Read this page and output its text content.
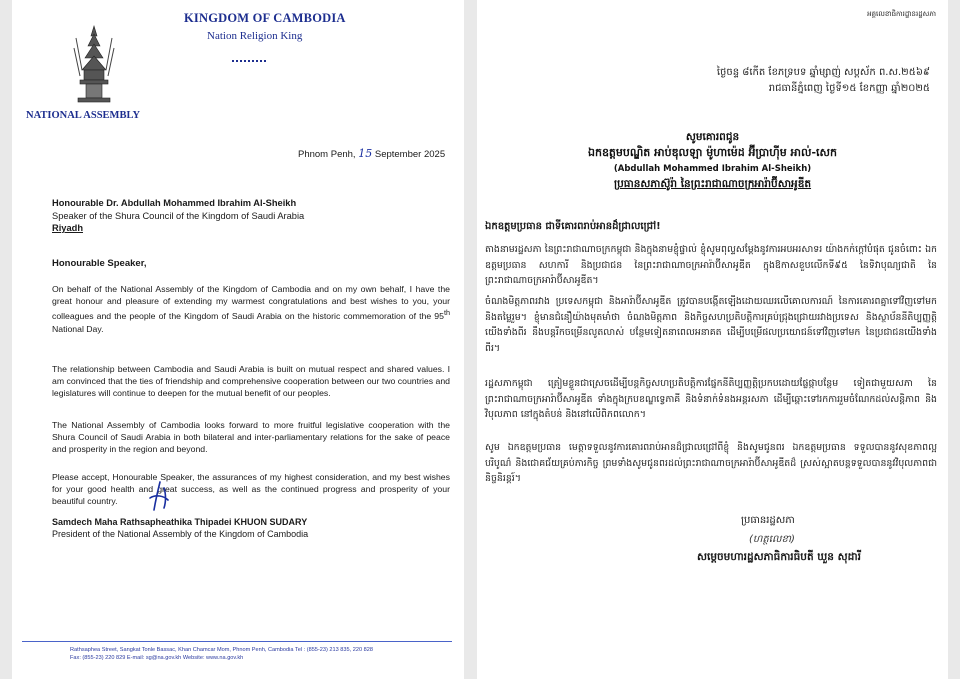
KINGDOM OF CAMBODIA
Nation Religion King
NATIONAL ASSEMBLY
Phnom Penh, 15 September 2025
Honourable Dr. Abdullah Mohammed Ibrahim Al-Sheikh
Speaker of the Shura Council of the Kingdom of Saudi Arabia
Riyadh
Honourable Speaker,
On behalf of the National Assembly of the Kingdom of Cambodia and on my own behalf, I have the great honour and pleasure of extending my warmest congratulations and best wishes to you, your colleagues and the people of the Kingdom of Saudi Arabia on the historic commemoration of the 95th National Day.
The relationship between Cambodia and Saudi Arabia is built on mutual respect and shared values. I am convinced that the ties of friendship and comprehensive cooperation between our two countries and legislatures will continue to deepen for the mutual benefit of our peoples.
The National Assembly of Cambodia looks forward to more fruitful legislative cooperation with the Shura Council of Saudi Arabia in both bilateral and inter-parliamentary relations for the sake of peace and prosperity in the region and beyond.
Please accept, Honourable Speaker, the assurances of my highest consideration, and my best wishes for your good health and great success, as well as the continued progress and prosperity of your beautiful country.
Samdech Maha Rathsapheathika Thipadei KHUON SUDARY
President of the National Assembly of the Kingdom of Cambodia
Rathsaphea Street, Sangkat Tonle Bassac, Khan Chamcar Mom, Phnom Penh, Cambodia Tel : (855-23) 213 835, 220 828
Fax: (855-23) 220 829 E-mail: sg@na.gov.kh Website: www.na.gov.kh
អគ្គលេខាធិការដ្ឋានរដ្ឋសភា
ថ្ងៃចន្ទ ៨កើត ខែភទ្របទ ឆ្នាំម្សាញ់ សប្តស័ក ព.ស.២៥៦៩
រាជធានីភ្នំពេញ ថ្ងៃទី១៥ ខែកញ្ញា ឆ្នាំ២០២៥
សូមគោរពជូន
ឯកឧត្តមបណ្ឌិត អាប់ឌុលឡា ម៉ូហាម៉េដ អ៊ីប្រាហ៊ីម អាល់-សេក
(Abdullah Mohammed Ibrahim Al-Sheikh)
ប្រធានសភាស៊ូរ៉ា នៃព្រះរាជាណាចក្រអារ៉ាប៊ីសាអូឌីត
ឯកឧត្តមប្រធាន ជាទីគោរពរាប់អានដ៏ជ្រាលជ្រៅ!
តាងនាមរដ្ឋសភា នៃព្រះរាជាណាចក្រកម្ពុជា និងក្នុងនាមខ្ញុំផ្ទាល់ ខ្ញុំសូមពុល្ទសម្ដែងនូវការអបអរសាទរ យ៉ាងកក់ក្តៅបំផុត ជូនចំពោះ ឯកឧត្តមប្រធាន សហការី និងប្រជាជន នៃព្រះរាជាណាចក្រអារ៉ាប៊ីសាអូឌីត ក្នុងឱកាសខួបលើកទី៩៥ នៃទិវាបុណ្យជាតិ នៃព្រះរាជាណាចក្រអារ៉ាប៊ីសាអូឌីត។
ចំណងមិត្តភាពរវាង ប្រទេសកម្ពុជា និងអារ៉ាប៊ីសាអូឌីត ត្រូវបានបង្កើតឡើងដោយឈរលើគោលការណ៍ នៃការគោរពគ្នាទៅវិញទៅមក និងតម្លៃរួម។ ខ្ញុំមានជំនឿយ៉ាងមុតមាំថា ចំណងមិត្តភាព និងកិច្ចសហប្រតិបត្តិការគ្រប់ជ្រុងជ្រោយរវាងប្រទេស និងស្ថាប័ននីតិប្បញ្ញត្តិយើងទាំងពីរ នឹងបន្តរីកចម្រើនលូតលាស់ បន្ថែមទៀតនាពេលអនាគត ដើម្បីបម្រើផលប្រយោជន៍ទៅវិញទៅមក នៃប្រជាជនយើងទាំងពីរ។
រដ្ឋសភាកម្ពុជា ត្រៀមខ្លួនជាស្រេចដើម្បីបន្តកិច្ចសហប្រតិបត្តិការផ្នែកនីតិប្បញ្ញត្តិប្រកបដោយផ្លែផ្កាបន្ថែម ទៀតជាមួយសភា នៃព្រះរាជាណាចក្រអារ៉ាប៊ីសាអូឌីត ទាំងក្នុងក្របខណ្ឌទ្វេភាគី និងទំនាក់ទំនងអន្តរសភា ដើម្បីឆ្ពោះទៅរកការរួមចំណែកដល់សន្តិភាព និងវិបុលភាព នៅក្នុងតំបន់ និងនៅលើពិភពលោក។
សូម ឯកឧត្តមប្រធាន មេត្តាទទួលនូវការគោរពរាប់អានដ៏ជ្រាលជ្រៅពីខ្ញុំ និងសូមជូនពរ ឯកឧត្តមប្រធាន ទទួលបាននូវសុខភាពល្អបរិបូណ៌ និងជោគជ័យគ្រប់ភារកិច្ច ព្រមទាំងសូមជូនពរដល់ព្រះរាជាណាចក្រអារ៉ាប៊ីសាអូឌីតដ៏ ស្រស់ស្អាតបន្តទទួលបាននូវវិបុលភាពជានិច្ចនិរន្តរ៍។
ប្រធានរដ្ឋសភា
(ហត្ថលេខា)
សម្ដេចមហារដ្ឋសភាធិការធិបតី ឃួន សុដារី
